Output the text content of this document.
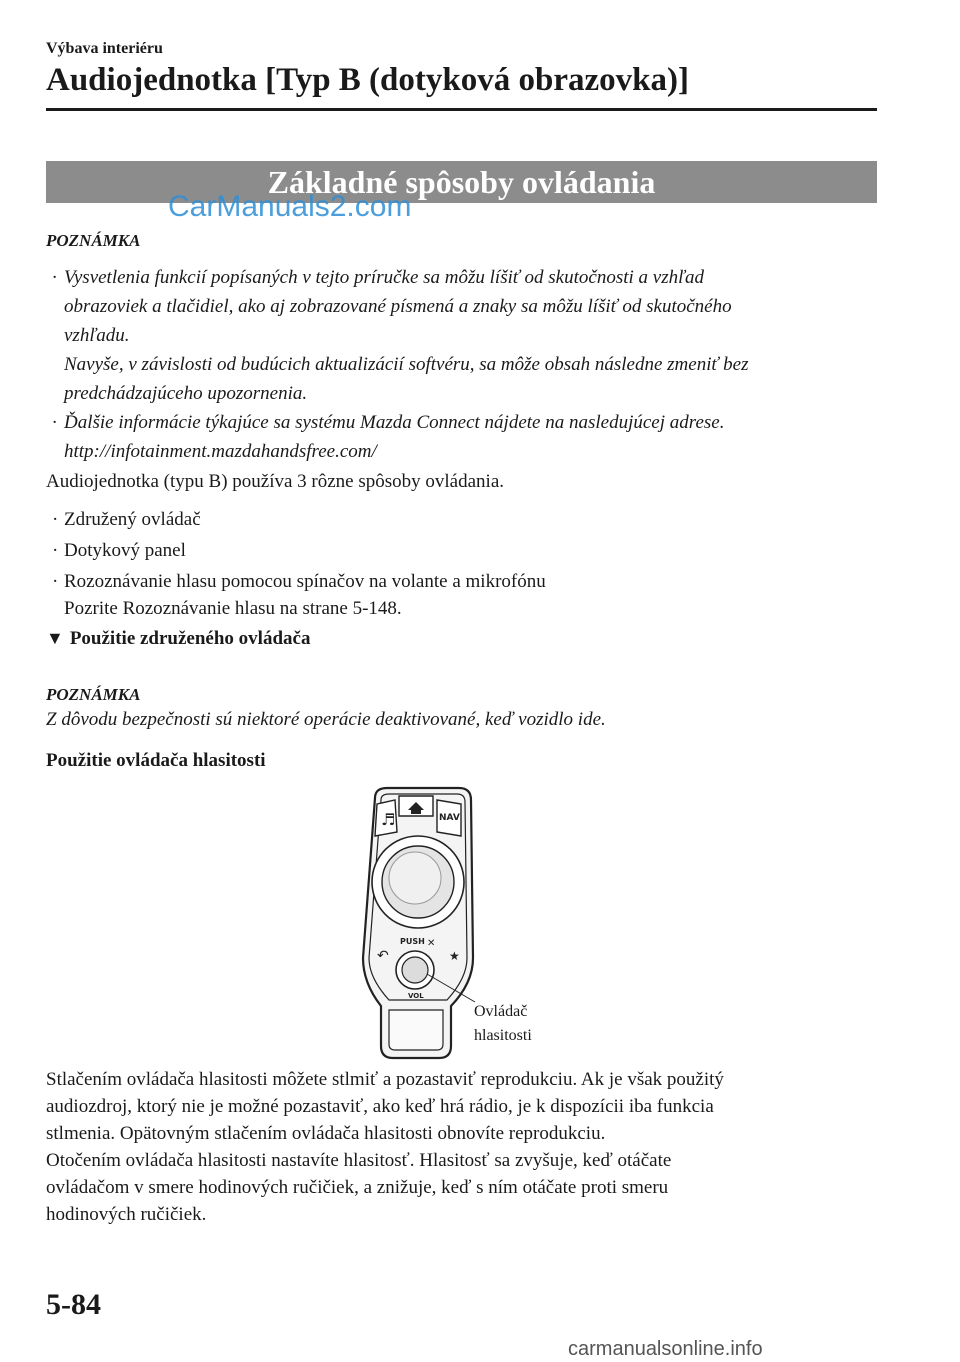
Výbava interiéru
Audiojednotka [Typ B (dotyková obrazovka)]
Základné spôsoby ovládania
CarManuals2.com
POZNÁMKA
· Vysvetlenia funkcií popísaných v tejto príručke sa môžu líšiť od skutočnosti a vzhľad
obrazoviek a tlačidiel, ako aj zobrazované písmená a znaky sa môžu líšiť od skutočného
vzhľadu.
Navyše, v závislosti od budúcich aktualizácií softvéru, sa môže obsah následne zmeniť bez
predchádzajúceho upozornenia.
· Ďalšie informácie týkajúce sa systému Mazda Connect nájdete na nasledujúcej adrese.
http://infotainment.mazdahandsfree.com/
Audiojednotka (typu B) používa 3 rôzne spôsoby ovládania.
· Združený ovládač
· Dotykový panel
· Rozoznávanie hlasu pomocou spínačov na volante a mikrofónu
Pozrite Rozoznávanie hlasu na strane 5-148.
▼ Použitie združeného ovládača
POZNÁMKA
Z dôvodu bezpečnosti sú niektoré operácie deaktivované, keď vozidlo ide.
Použitie ovládača hlasitosti
♬	NAV
↶
PUSH ✕
★
VOL
Ovládač
hlasitosti
Stlačením ovládača hlasitosti môžete stlmiť a pozastaviť reprodukciu. Ak je však použitý
audiozdroj, ktorý nie je možné pozastaviť, ako keď hrá rádio, je k dispozícii iba funkcia
stlmenia. Opätovným stlačením ovládača hlasitosti obnovíte reprodukciu.
Otočením ovládača hlasitosti nastavíte hlasitosť. Hlasitosť sa zvyšuje, keď otáčate
ovládačom v smere hodinových ručičiek, a znižuje, keď s ním otáčate proti smeru
hodinových ručičiek.
5-84
carmanualsonline.info
